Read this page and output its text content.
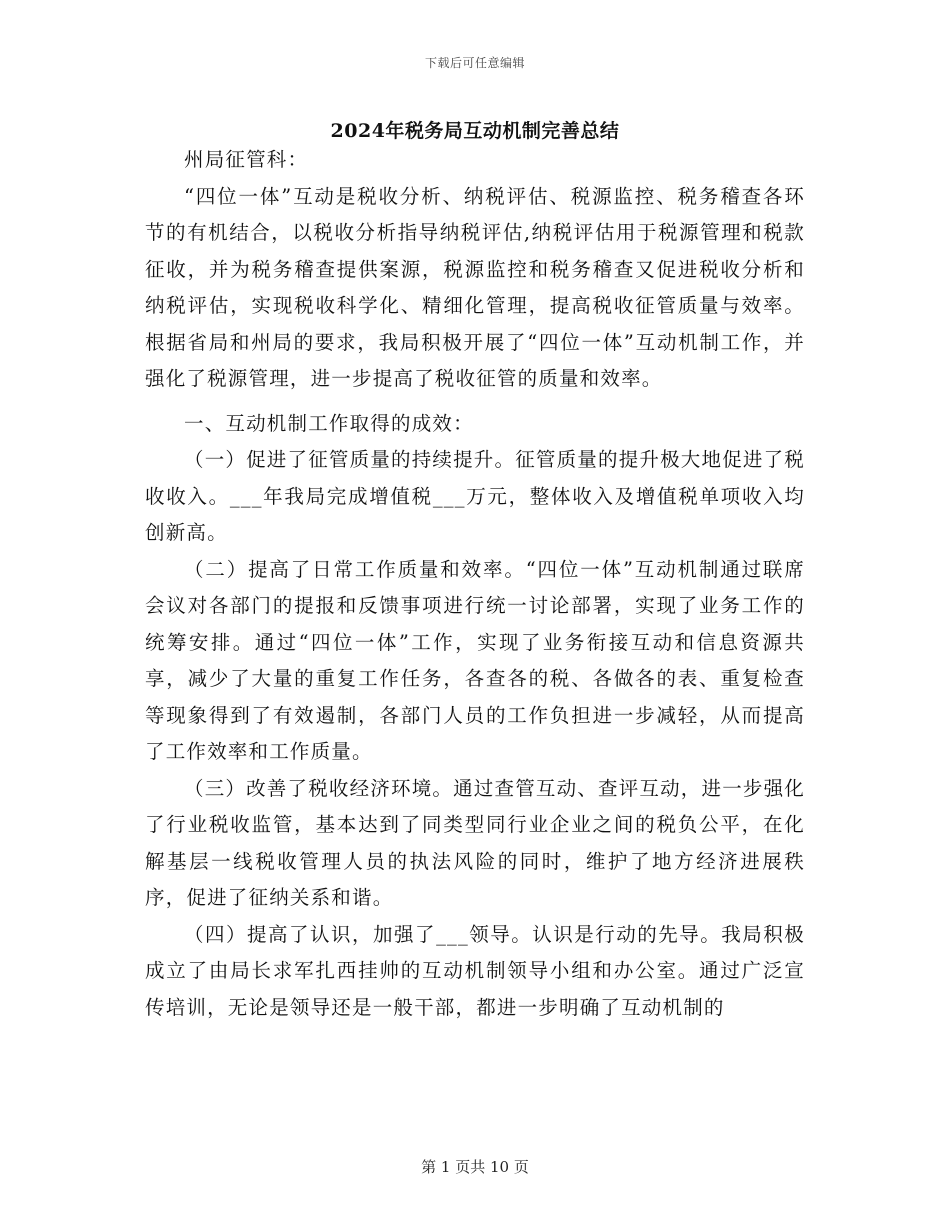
下载后可任意编辑
2024年税务局互动机制完善总结

州局征管科：

“四位一体”互动是税收分析、纳税评估、税源监控、税务稽查各环节的有机结合，以税收分析指导纳税评估,纳税评估用于税源管理和税款征收，并为税务稽查提供案源，税源监控和税务稽查又促进税收分析和纳税评估，实现税收科学化、精细化管理，提高税收征管质量与效率。根据省局和州局的要求，我局积极开展了“四位一体”互动机制工作，并强化了税源管理，进一步提高了税收征管的质量和效率。

一、互动机制工作取得的成效：

（一）促进了征管质量的持续提升。征管质量的提升极大地促进了税收收入。___年我局完成增值税___万元，整体收入及增值税单项收入均创新高。

（二）提高了日常工作质量和效率。“四位一体”互动机制通过联席会议对各部门的提报和反馈事项进行统一讨论部署，实现了业务工作的统筹安排。通过“四位一体”工作，实现了业务衔接互动和信息资源共享，减少了大量的重复工作任务，各查各的税、各做各的表、重复检查等现象得到了有效遏制，各部门人员的工作负担进一步减轻，从而提高了工作效率和工作质量。

（三）改善了税收经济环境。通过查管互动、查评互动，进一步强化了行业税收监管，基本达到了同类型同行业企业之间的税负公平，在化解基层一线税收管理人员的执法风险的同时，维护了地方经济进展秩序，促进了征纳关系和谐。

（四）提高了认识，加强了___领导。认识是行动的先导。我局积极成立了由局长求军扎西挂帅的互动机制领导小组和办公室。通过广泛宣传培训，无论是领导还是一般干部，都进一步明确了互动机制的

第 1 页共 10 页
